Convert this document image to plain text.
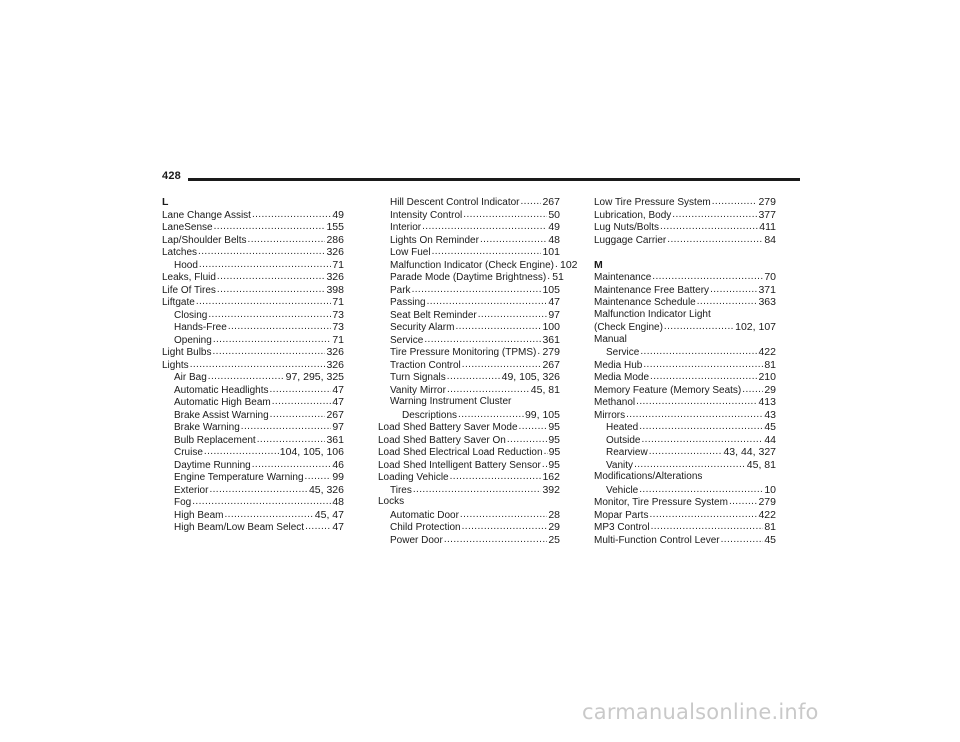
428
L
Lane Change Assist .....	49
LaneSense .....	155
Lap/Shoulder Belts .....	286
Latches .....	326
Hood .....	71
Leaks, Fluid .....	326
Life Of Tires .....	398
Liftgate .....	71
Closing .....	73
Hands-Free .....	73
Opening .....	71
Light Bulbs .....	326
Lights .....	326
Air Bag .....	97, 295, 325
Automatic Headlights .....	47
Automatic High Beam .....	47
Brake Assist Warning .....	267
Brake Warning .....	97
Bulb Replacement .....	361
Cruise .....	104, 105, 106
Daytime Running .....	46
Engine Temperature Warning .....	99
Exterior .....	45, 326
Fog .....	48
High Beam .....	45, 47
High Beam/Low Beam Select .....	47
Hill Descent Control Indicator ..... 267
Intensity Control .....	50
Interior .....	49
Lights On Reminder .....	48
Low Fuel .....	101
Malfunction Indicator (Check Engine) ..... 102
Parade Mode (Daytime Brightness) ..... 51
Park .....	105
Passing .....	47
Seat Belt Reminder .....	97
Security Alarm .....	100
Service .....	361
Tire Pressure Monitoring (TPMS) ..... 279
Traction Control .....	267
Turn Signals .....	49, 105, 326
Vanity Mirror .....	45, 81
Warning Instrument Cluster
Descriptions .....	99, 105
Load Shed Battery Saver Mode .....	95
Load Shed Battery Saver On .....	95
Load Shed Electrical Load Reduction ..... 95
Load Shed Intelligent Battery Sensor ..... 95
Loading Vehicle .....	162
Tires .....	392
Locks
Automatic Door .....	28
Child Protection .....	29
Power Door .....	25
Low Tire Pressure System .....	279
Lubrication, Body .....	377
Lug Nuts/Bolts .....	411
Luggage Carrier .....	84
M
Maintenance .....	70
Maintenance Free Battery .....	371
Maintenance Schedule .....	363
Malfunction Indicator Light
(Check Engine) .....	102, 107
Manual
Service .....	422
Media Hub .....	81
Media Mode .....	210
Memory Feature (Memory Seats) ..... 29
Methanol .....	413
Mirrors .....	43
Heated .....	45
Outside .....	44
Rearview .....	43, 44, 327
Vanity .....	45, 81
Modifications/Alterations
Vehicle .....	10
Monitor, Tire Pressure System .....	279
Mopar Parts .....	422
MP3 Control .....	81
Multi-Function Control Lever .....	45
carmanualsonline.info
